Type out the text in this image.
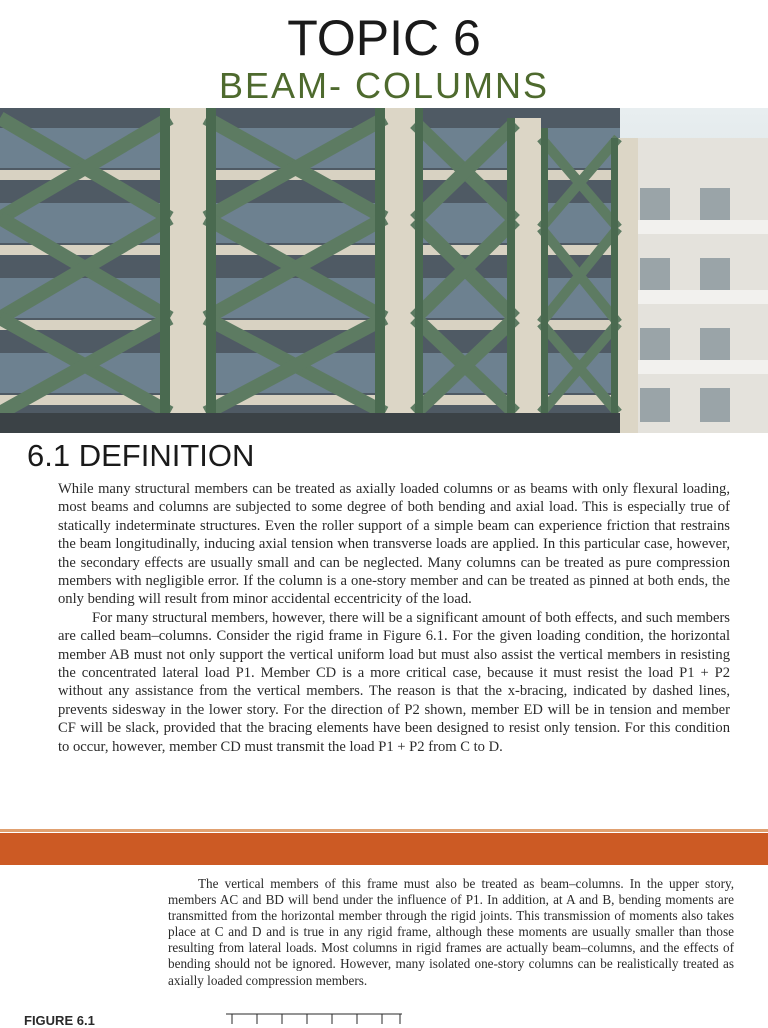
TOPIC 6
BEAM- COLUMNS
6.1 DEFINITION

While many structural members can be treated as axially loaded columns or as beams with only flexural loading, most beams and columns are subjected to some degree of both bending and axial load. This is especially true of statically indeterminate structures. Even the roller support of a simple beam can experience friction that restrains the beam longitudinally, inducing axial tension when transverse loads are applied. In this particular case, however, the secondary effects are usually small and can be neglected. Many columns can be treated as pure compression members with negligible error. If the column is a one-story member and can be treated as pinned at both ends, the only bending will result from minor accidental eccentricity of the load.

For many structural members, however, there will be a significant amount of both effects, and such members are called beam–columns. Consider the rigid frame in Figure 6.1. For the given loading condition, the horizontal member AB must not only support the vertical uniform load but must also assist the vertical members in resisting the concentrated lateral load P1. Member CD is a more critical case, because it must resist the load P1 + P2 without any assistance from the vertical members. The reason is that the x-bracing, indicated by dashed lines, prevents sidesway in the lower story. For the direction of P2 shown, member ED will be in tension and member CF will be slack, provided that the bracing elements have been designed to resist only tension. For this condition to occur, however, member CD must transmit the load P1 + P2 from C to D.

The vertical members of this frame must also be treated as beam–columns. In the upper story, members AC and BD will bend under the influence of P1. In addition, at A and B, bending moments are transmitted from the horizontal member through the rigid joints. This transmission of moments also takes place at C and D and is true in any rigid frame, although these moments are usually smaller than those resulting from lateral loads. Most columns in rigid frames are actually beam–columns, and the effects of bending should not be ignored. However, many isolated one-story columns can be realistically treated as axially loaded compression members.

FIGURE 6.1
